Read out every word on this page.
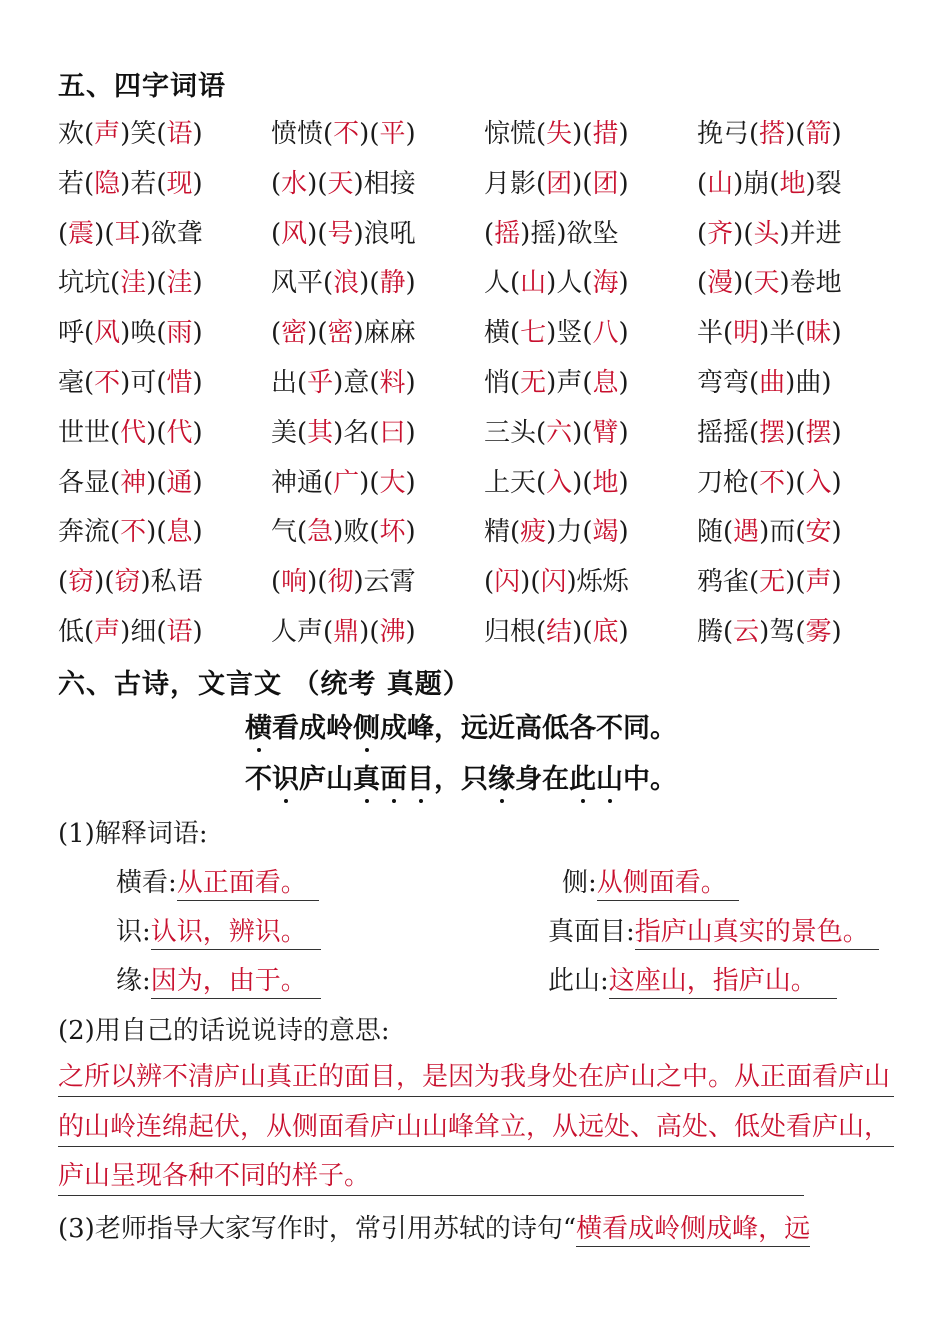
五、四字词语
欢(声)笑(语)	愤愤(不)(平)	惊慌(失)(措)	挽弓(搭)(箭)
若(隐)若(现)	(水)(天)相接	月影(团)(团)	(山)崩(地)裂
(震)(耳)欲聋	(风)(号)浪吼	(摇)摇)欲坠	(齐)(头)并进
坑坑(洼)(洼)	风平(浪)(静)	人(山)人(海)	(漫)(天)卷地
呼(风)唤(雨)	(密)(密)麻麻	横(七)竖(八)	半(明)半(昧)
毫(不)可(惜)	出(乎)意(料)	悄(无)声(息)	弯弯(曲)曲)
世世(代)(代)	美(其)名(曰)	三头(六)(臂)	摇摇(摆)(摆)
各显(神)(通)	神通(广)(大)	上天(入)(地)	刀枪(不)(入)
奔流(不)(息)	气(急)败(坏)	精(疲)力(竭)	随(遇)而(安)
(窃)(窃)私语	(响)(彻)云霄	(闪)(闪)烁烁	鸦雀(无)(声)
低(声)细(语)	人声(鼎)(沸)	归根(结)(底)	腾(云)驾(雾)
六、古诗，文言文 （统考 真题）
横看成岭侧成峰，远近高低各不同。
不识庐山真面目，只缘身在此山中。
(1)解释词语:
横看:从正面看。	侧:从侧面看。
识:认识，辨识。	真面目:指庐山真实的景色。
缘:因为，由于。	此山:这座山，指庐山。
(2)用自己的话说说诗的意思:
之所以辨不清庐山真正的面目，是因为我身处在庐山之中。从正面看庐山的山岭连绵起伏，从侧面看庐山山峰耸立，从远处、高处、低处看庐山，庐山呈现各种不同的样子。
(3)老师指导大家写作时，常引用苏轼的诗句“横看成岭侧成峰，远
